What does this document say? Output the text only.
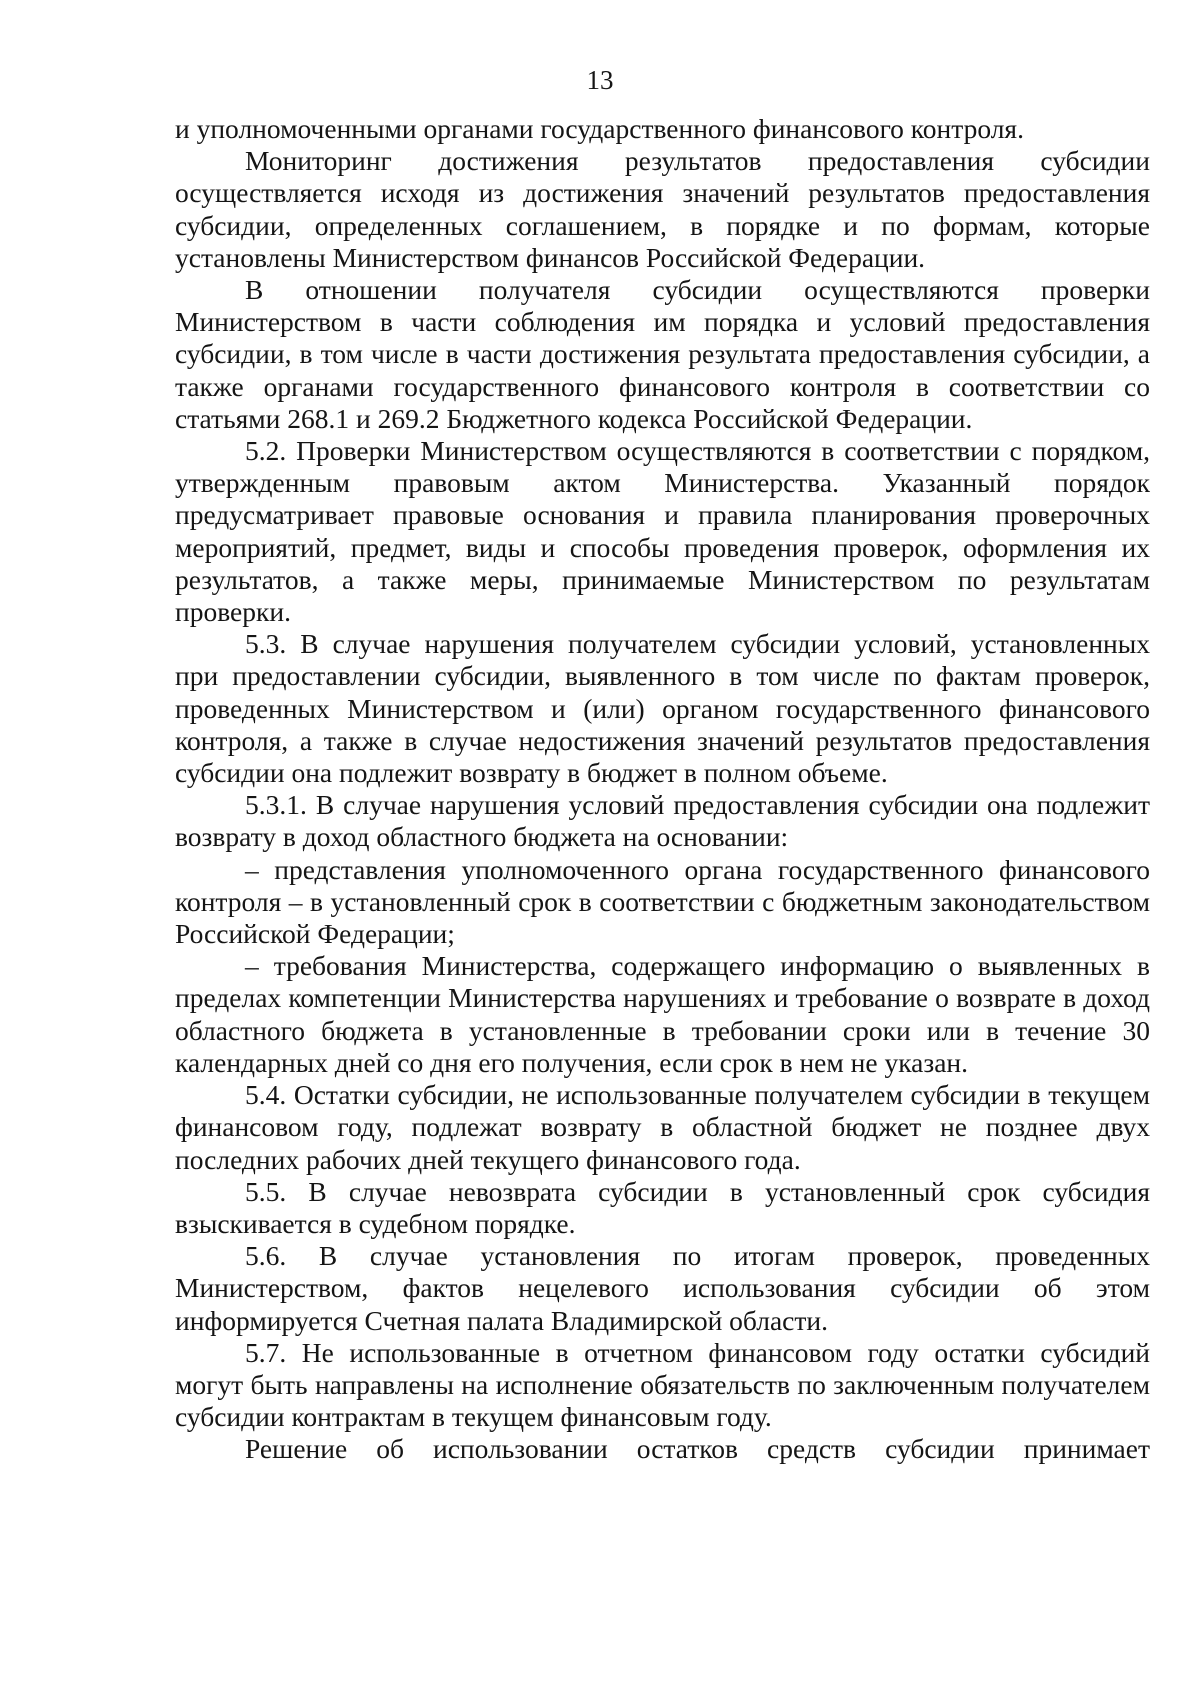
13

и уполномоченными органами государственного финансового контроля.

Мониторинг достижения результатов предоставления субсидии осуществляется исходя из достижения значений результатов предоставления субсидии, определенных соглашением, в порядке и по формам, которые установлены Министерством финансов Российской Федерации.

В отношении получателя субсидии осуществляются проверки Министерством в части соблюдения им порядка и условий предоставления субсидии, в том числе в части достижения результата предоставления субсидии, а также органами государственного финансового контроля в соответствии со статьями 268.1 и 269.2 Бюджетного кодекса Российской Федерации.

5.2. Проверки Министерством осуществляются в соответствии с порядком, утвержденным правовым актом Министерства. Указанный порядок предусматривает правовые основания и правила планирования проверочных мероприятий, предмет, виды и способы проведения проверок, оформления их результатов, а также меры, принимаемые Министерством по результатам проверки.

5.3. В случае нарушения получателем субсидии условий, установленных при предоставлении субсидии, выявленного в том числе по фактам проверок, проведенных Министерством и (или) органом государственного финансового контроля, а также в случае недостижения значений результатов предоставления субсидии она подлежит возврату в бюджет в полном объеме.

5.3.1. В случае нарушения условий предоставления субсидии она подлежит возврату в доход областного бюджета на основании:

– представления уполномоченного органа государственного финансового контроля – в установленный срок в соответствии с бюджетным законодательством Российской Федерации;

– требования Министерства, содержащего информацию о выявленных в пределах компетенции Министерства нарушениях и требование о возврате в доход областного бюджета в установленные в требовании сроки или в течение 30 календарных дней со дня его получения, если срок в нем не указан.

5.4. Остатки субсидии, не использованные получателем субсидии в текущем финансовом году, подлежат возврату в областной бюджет не позднее двух последних рабочих дней текущего финансового года.

5.5. В случае невозврата субсидии в установленный срок субсидия взыскивается в судебном порядке.

5.6. В случае установления по итогам проверок, проведенных Министерством, фактов нецелевого использования субсидии об этом информируется Счетная палата Владимирской области.

5.7. Не использованные в отчетном финансовом году остатки субсидий могут быть направлены на исполнение обязательств по заключенным получателем субсидии контрактам в текущем финансовым году.

Решение об использовании остатков средств субсидии принимает
